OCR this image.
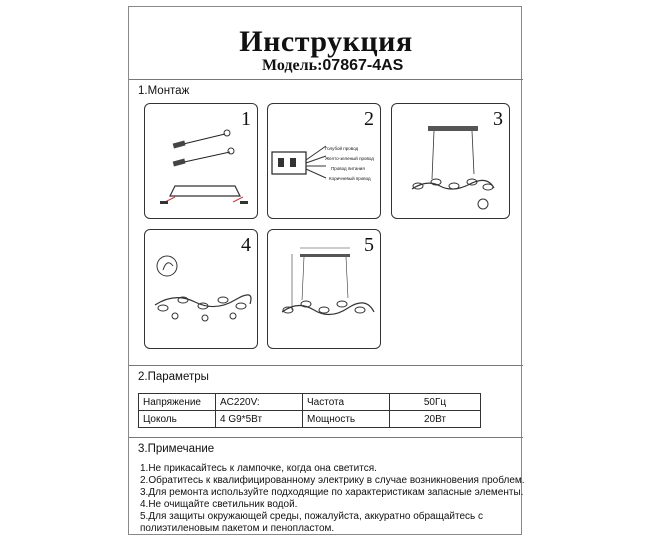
Инструкция
Модель:07867-4AS
1.Монтаж
1	2
Голубой провод
Желто-зеленый провод
Провод питания
Коричневый провод
3
4	5
2.Параметры
Напряжение	AC220V:	Частота	50Гц
Цоколь	4 G9*5Вт	Мощность	20Вт
3.Примечание
1.Не прикасайтесь к лампочке, когда она светится.
2.Обратитесь к квалифицированному электрику в случае возникновения проблем.
3.Для ремонта используйте подходящие по характеристикам запасные элементы.
4.Не очищайте светильник водой.
5.Для защиты окружающей среды, пожалуйста, аккуратно обращайтесь с
полиэтиленовым пакетом и пенопластом.
